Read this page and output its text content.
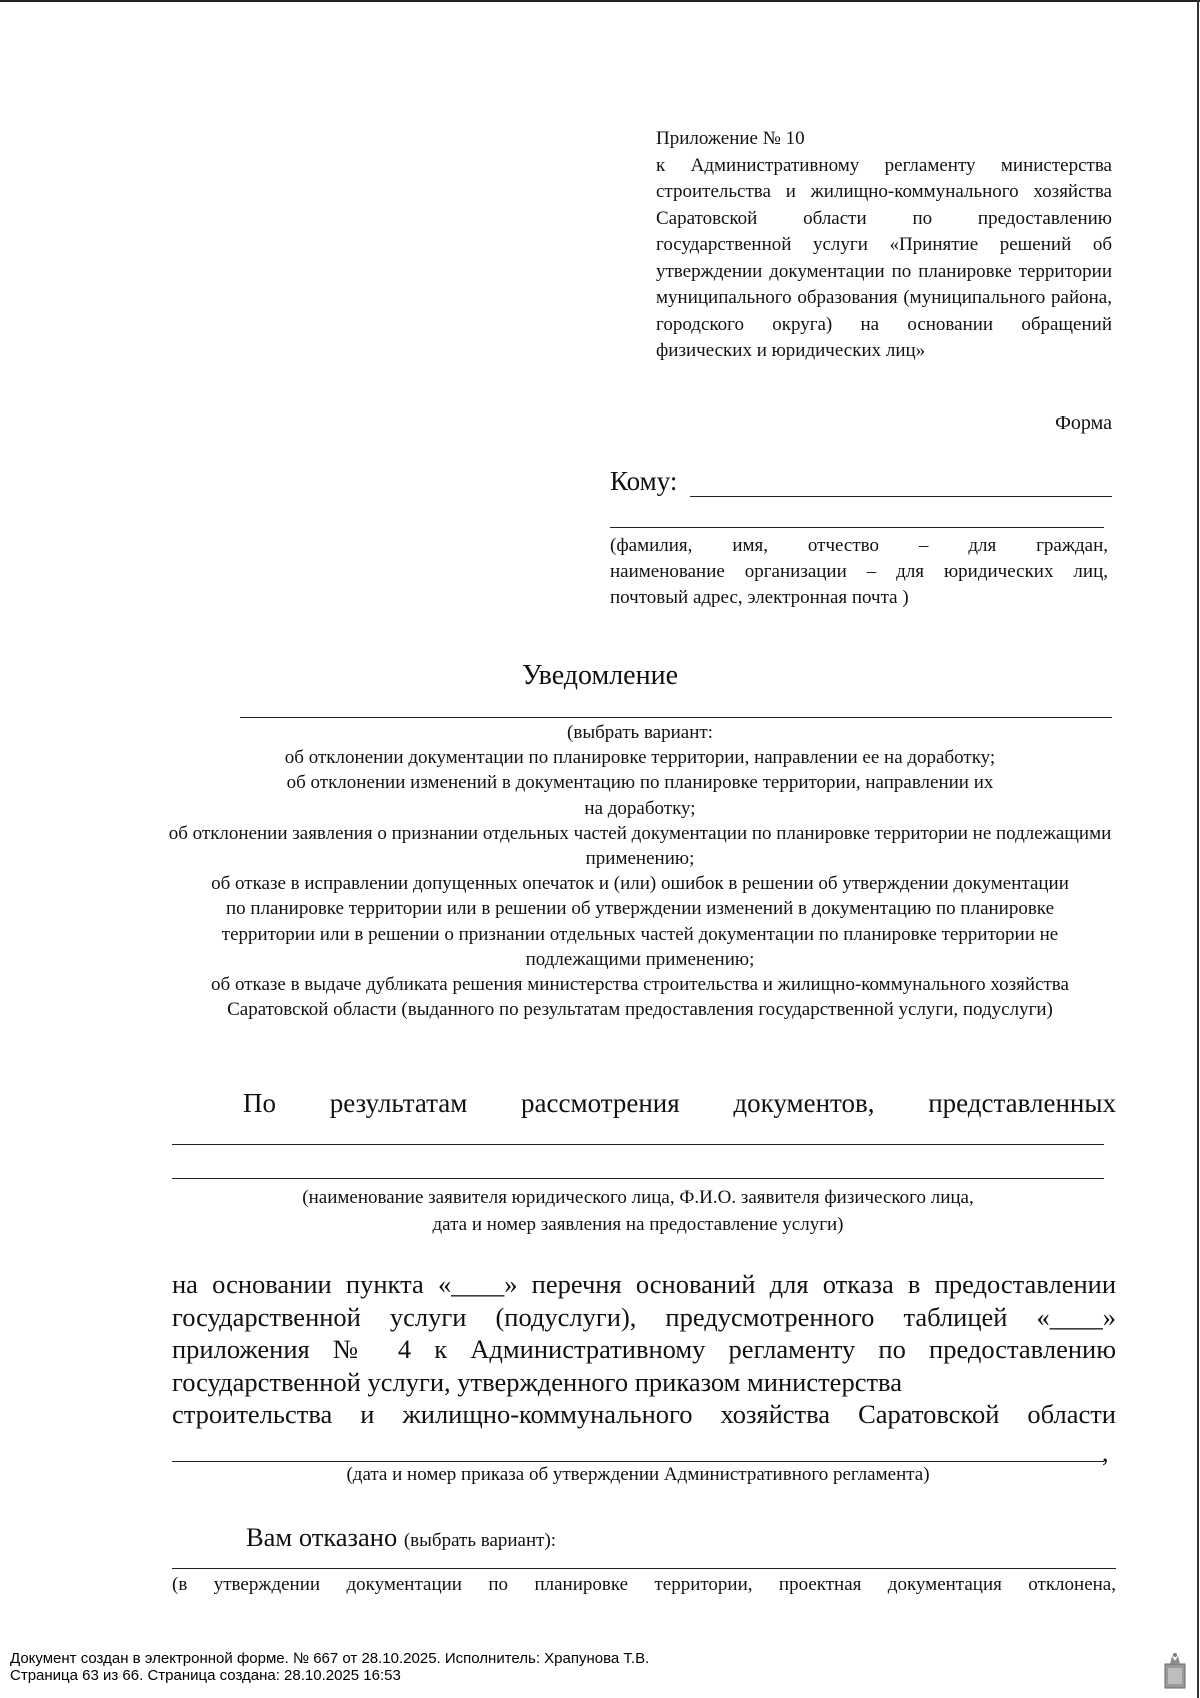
Приложение № 10
к Административному регламенту министерства строительства и жилищно-коммунального хозяйства Саратовской области по предоставлению государственной услуги «Принятие решений об утверждении документации по планировке территории муниципального образования (муниципального района, городского округа) на основании обращений физических и юридических лиц»
Форма
Кому:
(фамилия, имя, отчество – для граждан,
наименование организации – для юридических лиц,
почтовый адрес, электронная почта )
Уведомление

(выбрать вариант:

об отклонении документации по планировке территории, направлении ее на доработку;

об отклонении изменений в документацию по планировке территории, направлении их на доработку;

об отклонении заявления о признании отдельных частей документации по планировке территории не подлежащими применению;

об отказе в исправлении допущенных опечаток и (или) ошибок в решении об утверждении документации по планировке территории или в решении об утверждении изменений в документацию по планировке территории или в решении о признании отдельных частей документации по планировке территории не подлежащими применению;

об отказе в выдаче дубликата решения министерства строительства и жилищно-коммунального хозяйства Саратовской области (выданного по результатам предоставления государственной услуги, подуслуги)

По результатам рассмотрения документов, представленных
(наименование заявителя юридического лица, Ф.И.О. заявителя физического лица,
дата и номер заявления на предоставление услуги)
на основании пункта «____» перечня оснований для отказа в предоставлении государственной услуги (подуслуги), предусмотренного таблицей «____» приложения № 4 к Административному регламенту по предоставлению государственной услуги, утвержденного приказом министерства
строительства и жилищно-коммунального хозяйства Саратовской области
,
(дата и номер приказа об утверждении Административного регламента)
Вам отказано (выбрать вариант):
(в утверждении документации по планировке территории, проектная документация отклонена,
Документ создан в электронной форме. № 667 от 28.10.2025. Исполнитель: Храпунова Т.В.
Страница 63 из 66. Страница создана: 28.10.2025 16:53
